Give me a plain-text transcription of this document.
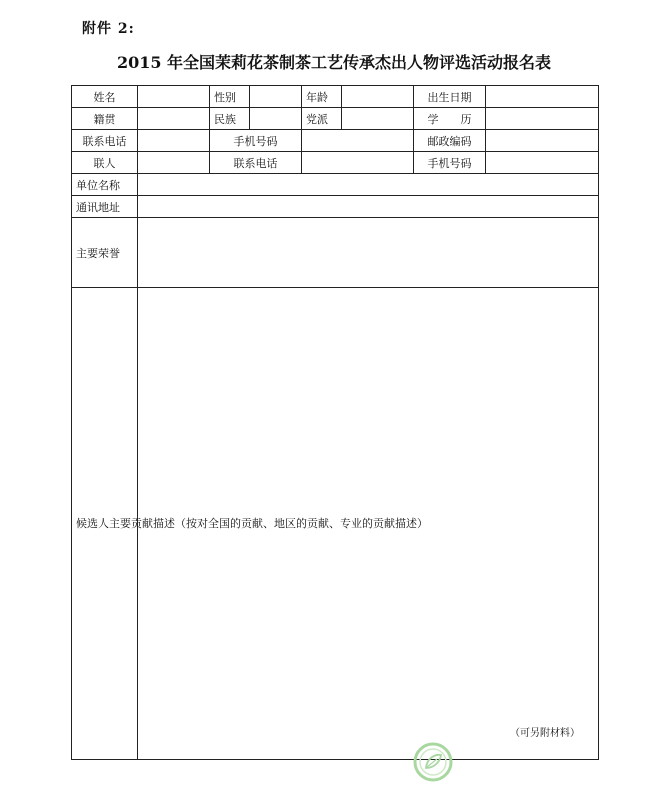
附件 2:
2015 年全国茉莉花茶制茶工艺传承杰出人物评选活动报名表
姓名		性别		年龄		出生日期	
籍贯		民族		党派		学　　历	
联系电话		手机号码				邮政编码	
联人		联系电话				手机号码	
单位名称							
通讯地址							
主要荣誉							
候选人主要贡献描述（按对全国的贡献、地区的贡献、专业的贡献描述）	（可另附材料）						
